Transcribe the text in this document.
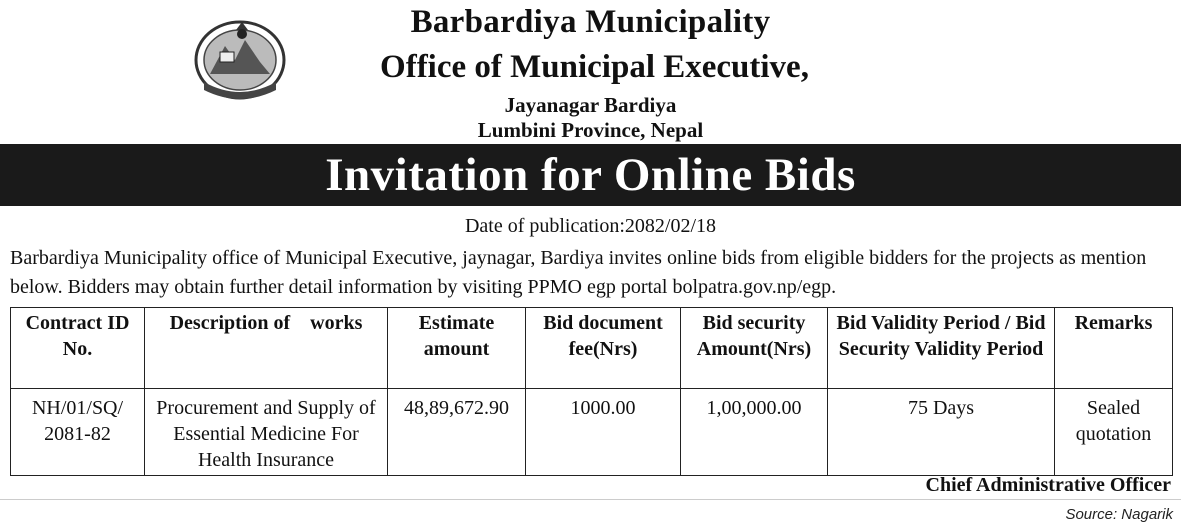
Barbardiya Municipality
Office of Municipal Executive,
Jayanagar Bardiya
Lumbini Province, Nepal
Invitation for Online Bids
Date of publication:2082/02/18
Barbardiya Municipality office of Municipal Executive, jaynagar, Bardiya invites online bids from eligible bidders for the projects as mention below. Bidders may obtain further detail information by visiting PPMO egp portal bolpatra.gov.np/egp.
Contract ID No.	Description of    works	Estimate amount	Bid document fee(Nrs)	Bid security Amount(Nrs)	Bid Validity Period / Bid Security Validity Period	Remarks
NH/01/SQ/ 2081-82	Procurement and Supply of Essential Medicine For Health Insurance	48,89,672.90	1000.00	1,00,000.00	75 Days	Sealed quotation
Chief Administrative Officer
Source: Nagarik
